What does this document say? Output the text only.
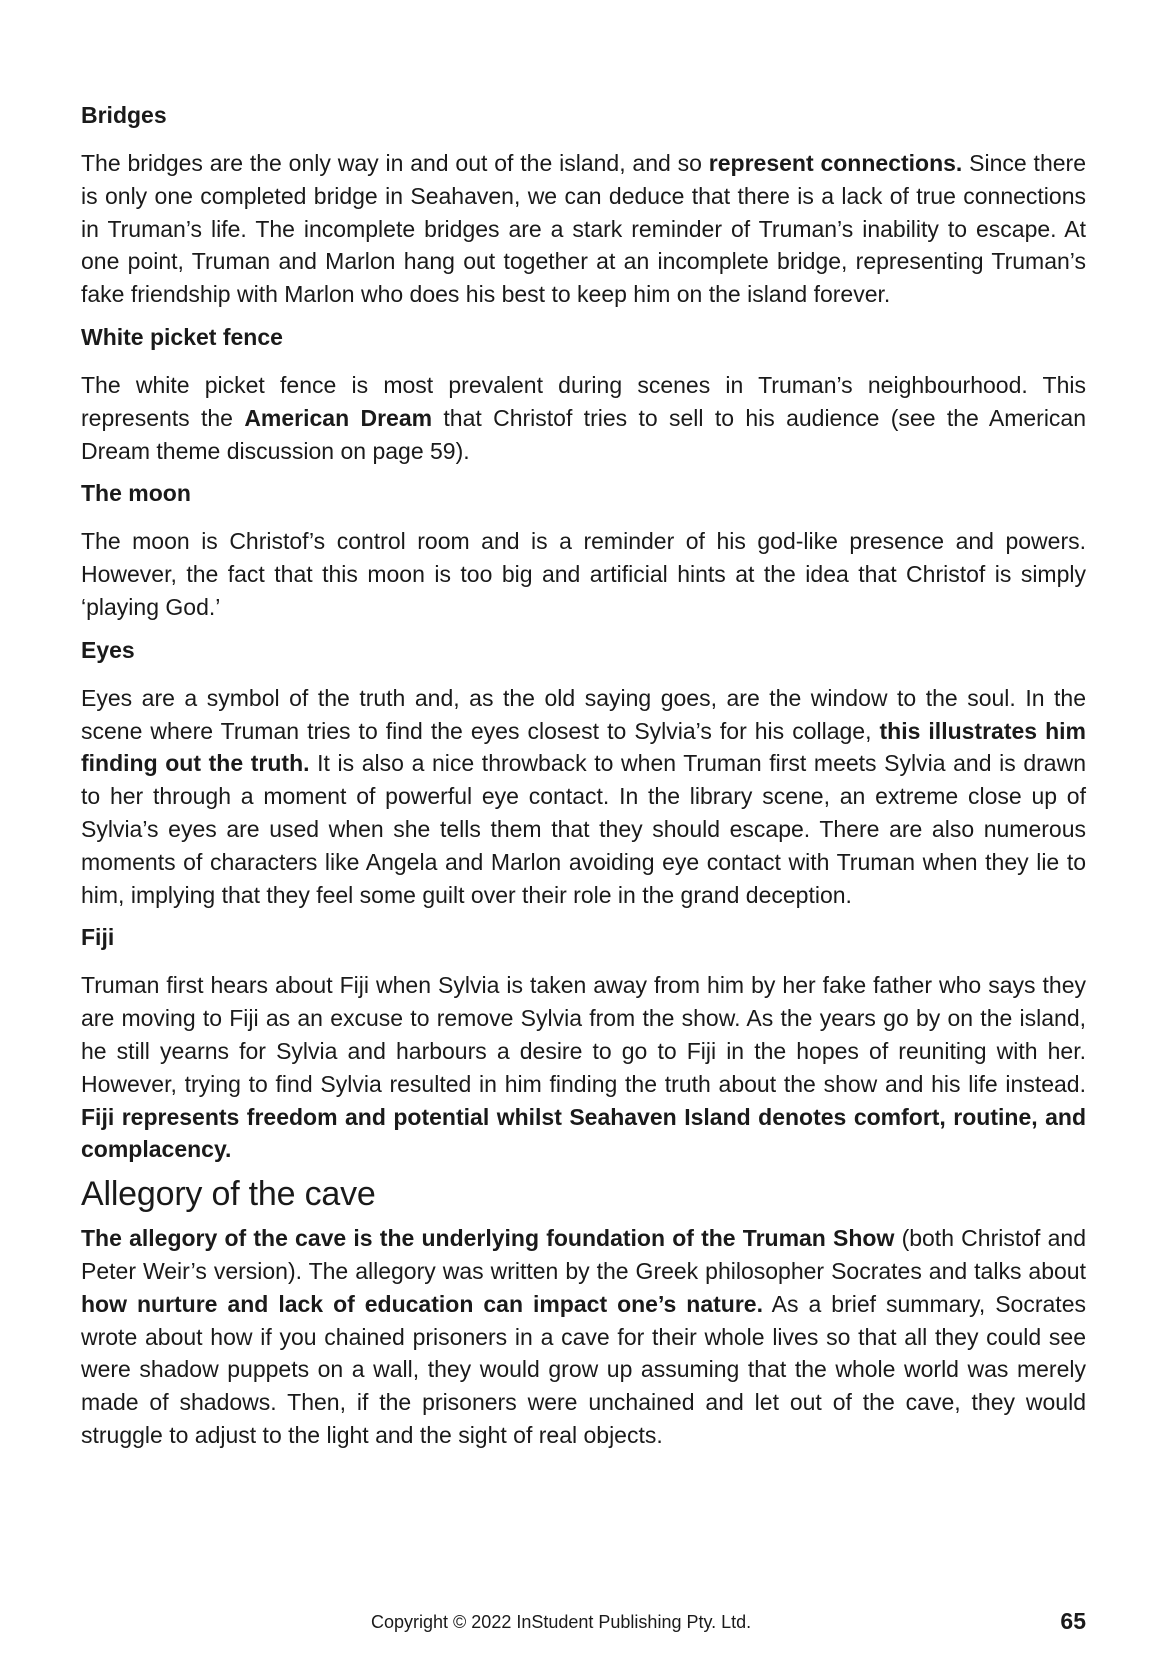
Bridges

The bridges are the only way in and out of the island, and so represent connections. Since there is only one completed bridge in Seahaven, we can deduce that there is a lack of true connections in Truman’s life. The incomplete bridges are a stark reminder of Truman’s inability to escape. At one point, Truman and Marlon hang out together at an incomplete bridge, representing Truman’s fake friendship with Marlon who does his best to keep him on the island forever.

White picket fence

The white picket fence is most prevalent during scenes in Truman’s neighbourhood. This represents the American Dream that Christof tries to sell to his audience (see the American Dream theme discussion on page 59).

The moon

The moon is Christof’s control room and is a reminder of his god-like presence and powers. However, the fact that this moon is too big and artificial hints at the idea that Christof is simply ‘playing God.’

Eyes

Eyes are a symbol of the truth and, as the old saying goes, are the window to the soul. In the scene where Truman tries to find the eyes closest to Sylvia’s for his collage, this illustrates him finding out the truth. It is also a nice throwback to when Truman first meets Sylvia and is drawn to her through a moment of powerful eye contact. In the library scene, an extreme close up of Sylvia’s eyes are used when she tells them that they should escape. There are also numerous moments of characters like Angela and Marlon avoiding eye contact with Truman when they lie to him, implying that they feel some guilt over their role in the grand deception.

Fiji

Truman first hears about Fiji when Sylvia is taken away from him by her fake father who says they are moving to Fiji as an excuse to remove Sylvia from the show. As the years go by on the island, he still yearns for Sylvia and harbours a desire to go to Fiji in the hopes of reuniting with her. However, trying to find Sylvia resulted in him finding the truth about the show and his life instead. Fiji represents freedom and potential whilst Seahaven Island denotes comfort, routine, and complacency.

Allegory of the cave

The allegory of the cave is the underlying foundation of the Truman Show (both Christof and Peter Weir’s version). The allegory was written by the Greek philosopher Socrates and talks about how nurture and lack of education can impact one’s nature. As a brief summary, Socrates wrote about how if you chained prisoners in a cave for their whole lives so that all they could see were shadow puppets on a wall, they would grow up assuming that the whole world was merely made of shadows. Then, if the prisoners were unchained and let out of the cave, they would struggle to adjust to the light and the sight of real objects.

Copyright © 2022 InStudent Publishing Pty. Ltd.	65
